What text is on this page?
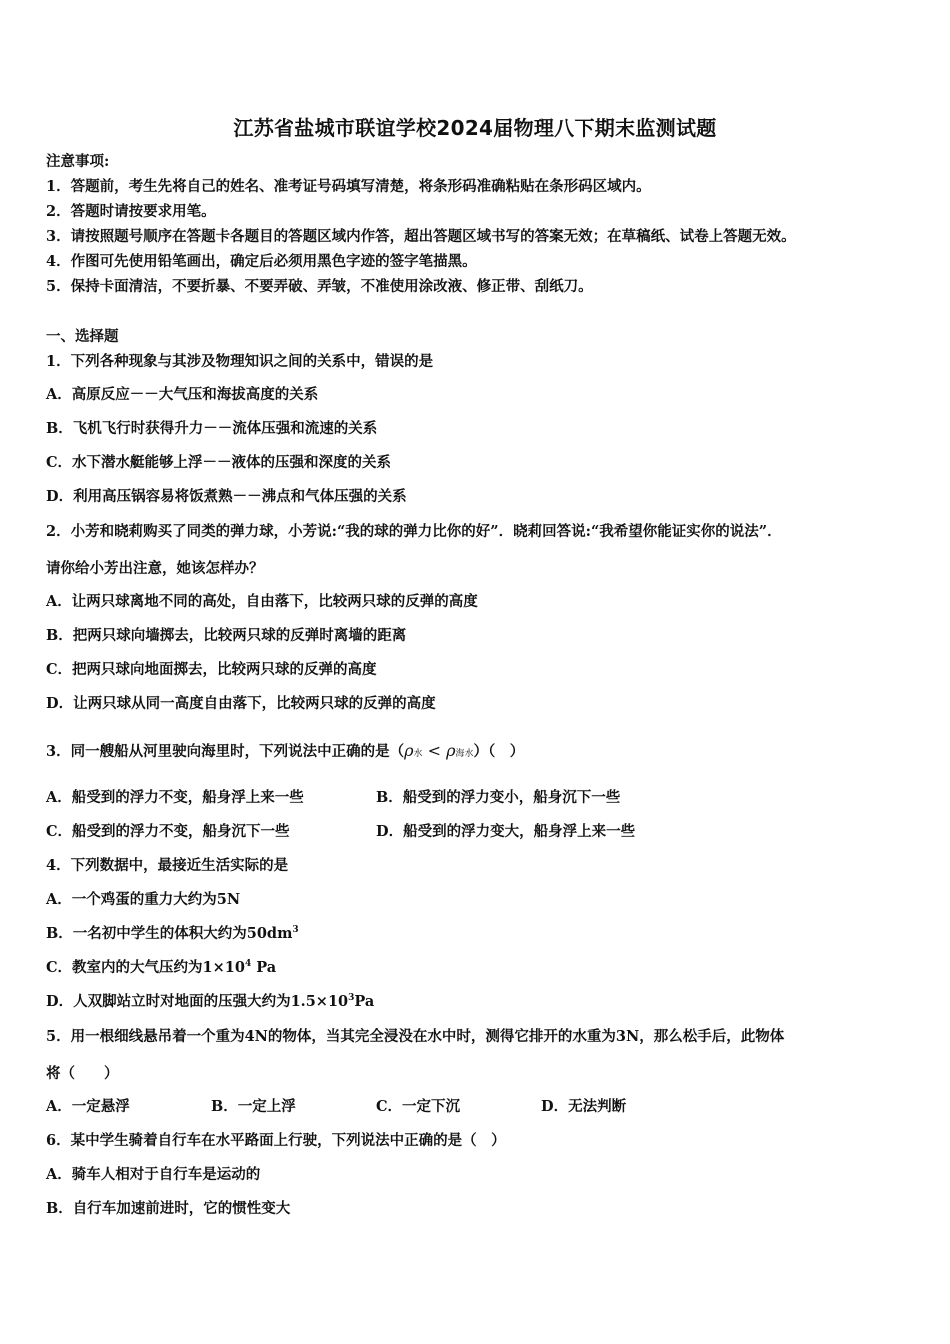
江苏省盐城市联谊学校2024届物理八下期末监测试题
注意事项:
1．答题前，考生先将自己的姓名、准考证号码填写清楚，将条形码准确粘贴在条形码区域内。
2．答题时请按要求用笔。
3．请按照题号顺序在答题卡各题目的答题区域内作答，超出答题区域书写的答案无效；在草稿纸、试卷上答题无效。
4．作图可先使用铅笔画出，确定后必须用黑色字迹的签字笔描黑。
5．保持卡面清洁，不要折暴、不要弄破、弄皱，不准使用涂改液、修正带、刮纸刀。
一、选择题
1．下列各种现象与其涉及物理知识之间的关系中，错误的是
A．高原反应－－大气压和海拔高度的关系
B．飞机飞行时获得升力－－流体压强和流速的关系
C．水下潜水艇能够上浮－－液体的压强和深度的关系
D．利用高压锅容易将饭煮熟－－沸点和气体压强的关系
2．小芳和晓莉购买了同类的弹力球，小芳说:“我的球的弹力比你的好”．晓莉回答说:“我希望你能证实你的说法”．
请你给小芳出注意，她该怎样办？
A．让两只球离地不同的高处，自由落下，比较两只球的反弹的高度
B．把两只球向墙掷去，比较两只球的反弹时离墙的距离
C．把两只球向地面掷去，比较两只球的反弹的高度
D．让两只球从同一高度自由落下，比较两只球的反弹的高度
3．同一艘船从河里驶向海里时，下列说法中正确的是（ρ水 < ρ海水）（　）
A．船受到的浮力不变，船身浮上来一些	B．船受到的浮力变小，船身沉下一些
C．船受到的浮力不变，船身沉下一些	D．船受到的浮力变大，船身浮上来一些
4．下列数据中，最接近生活实际的是
A．一个鸡蛋的重力大约为5N
B．一名初中学生的体积大约为$50dm^3$
C．教室内的大气压约为$1\times 10^4$ Pa
D．人双脚站立时对地面的压强大约为$1.5\times 10^3Pa$
5．用一根细线悬吊着一个重为4N的物体，当其完全浸没在水中时，测得它排开的水重为3N，那么松手后，此物体
将（　　）
A．一定悬浮	B．一定上浮	C．一定下沉	D．无法判断
6．某中学生骑着自行车在水平路面上行驶，下列说法中正确的是（　）
A．骑车人相对于自行车是运动的
B．自行车加速前进时，它的惯性变大
